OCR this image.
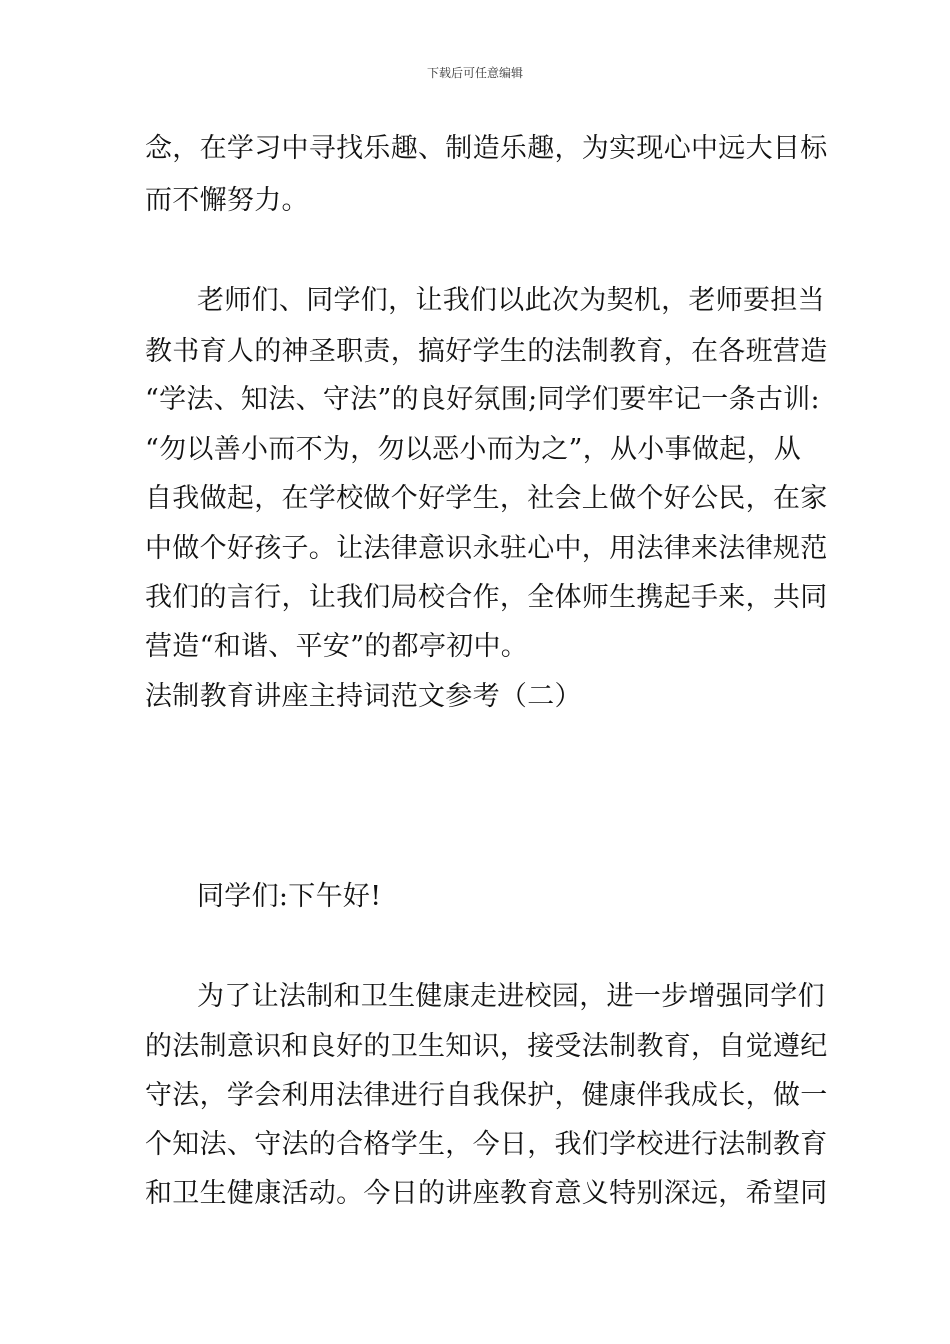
下载后可任意编辑
念，在学习中寻找乐趣、制造乐趣，为实现心中远大目标
而不懈努力。
老师们、同学们，让我们以此次为契机，老师要担当
教书育人的神圣职责，搞好学生的法制教育，在各班营造
“学法、知法、守法”的良好氛围;同学们要牢记一条古训:
“勿以善小而不为，勿以恶小而为之”，从小事做起，从
自我做起，在学校做个好学生，社会上做个好公民，在家
中做个好孩子。让法律意识永驻心中，用法律来法律规范
我们的言行，让我们局校合作，全体师生携起手来，共同
营造“和谐、平安”的都亭初中。
法制教育讲座主持词范文参考（二）
同学们:下午好!
为了让法制和卫生健康走进校园，进一步增强同学们
的法制意识和良好的卫生知识，接受法制教育，自觉遵纪
守法，学会利用法律进行自我保护，健康伴我成长，做一
个知法、守法的合格学生，今日，我们学校进行法制教育
和卫生健康活动。今日的讲座教育意义特别深远，希望同
